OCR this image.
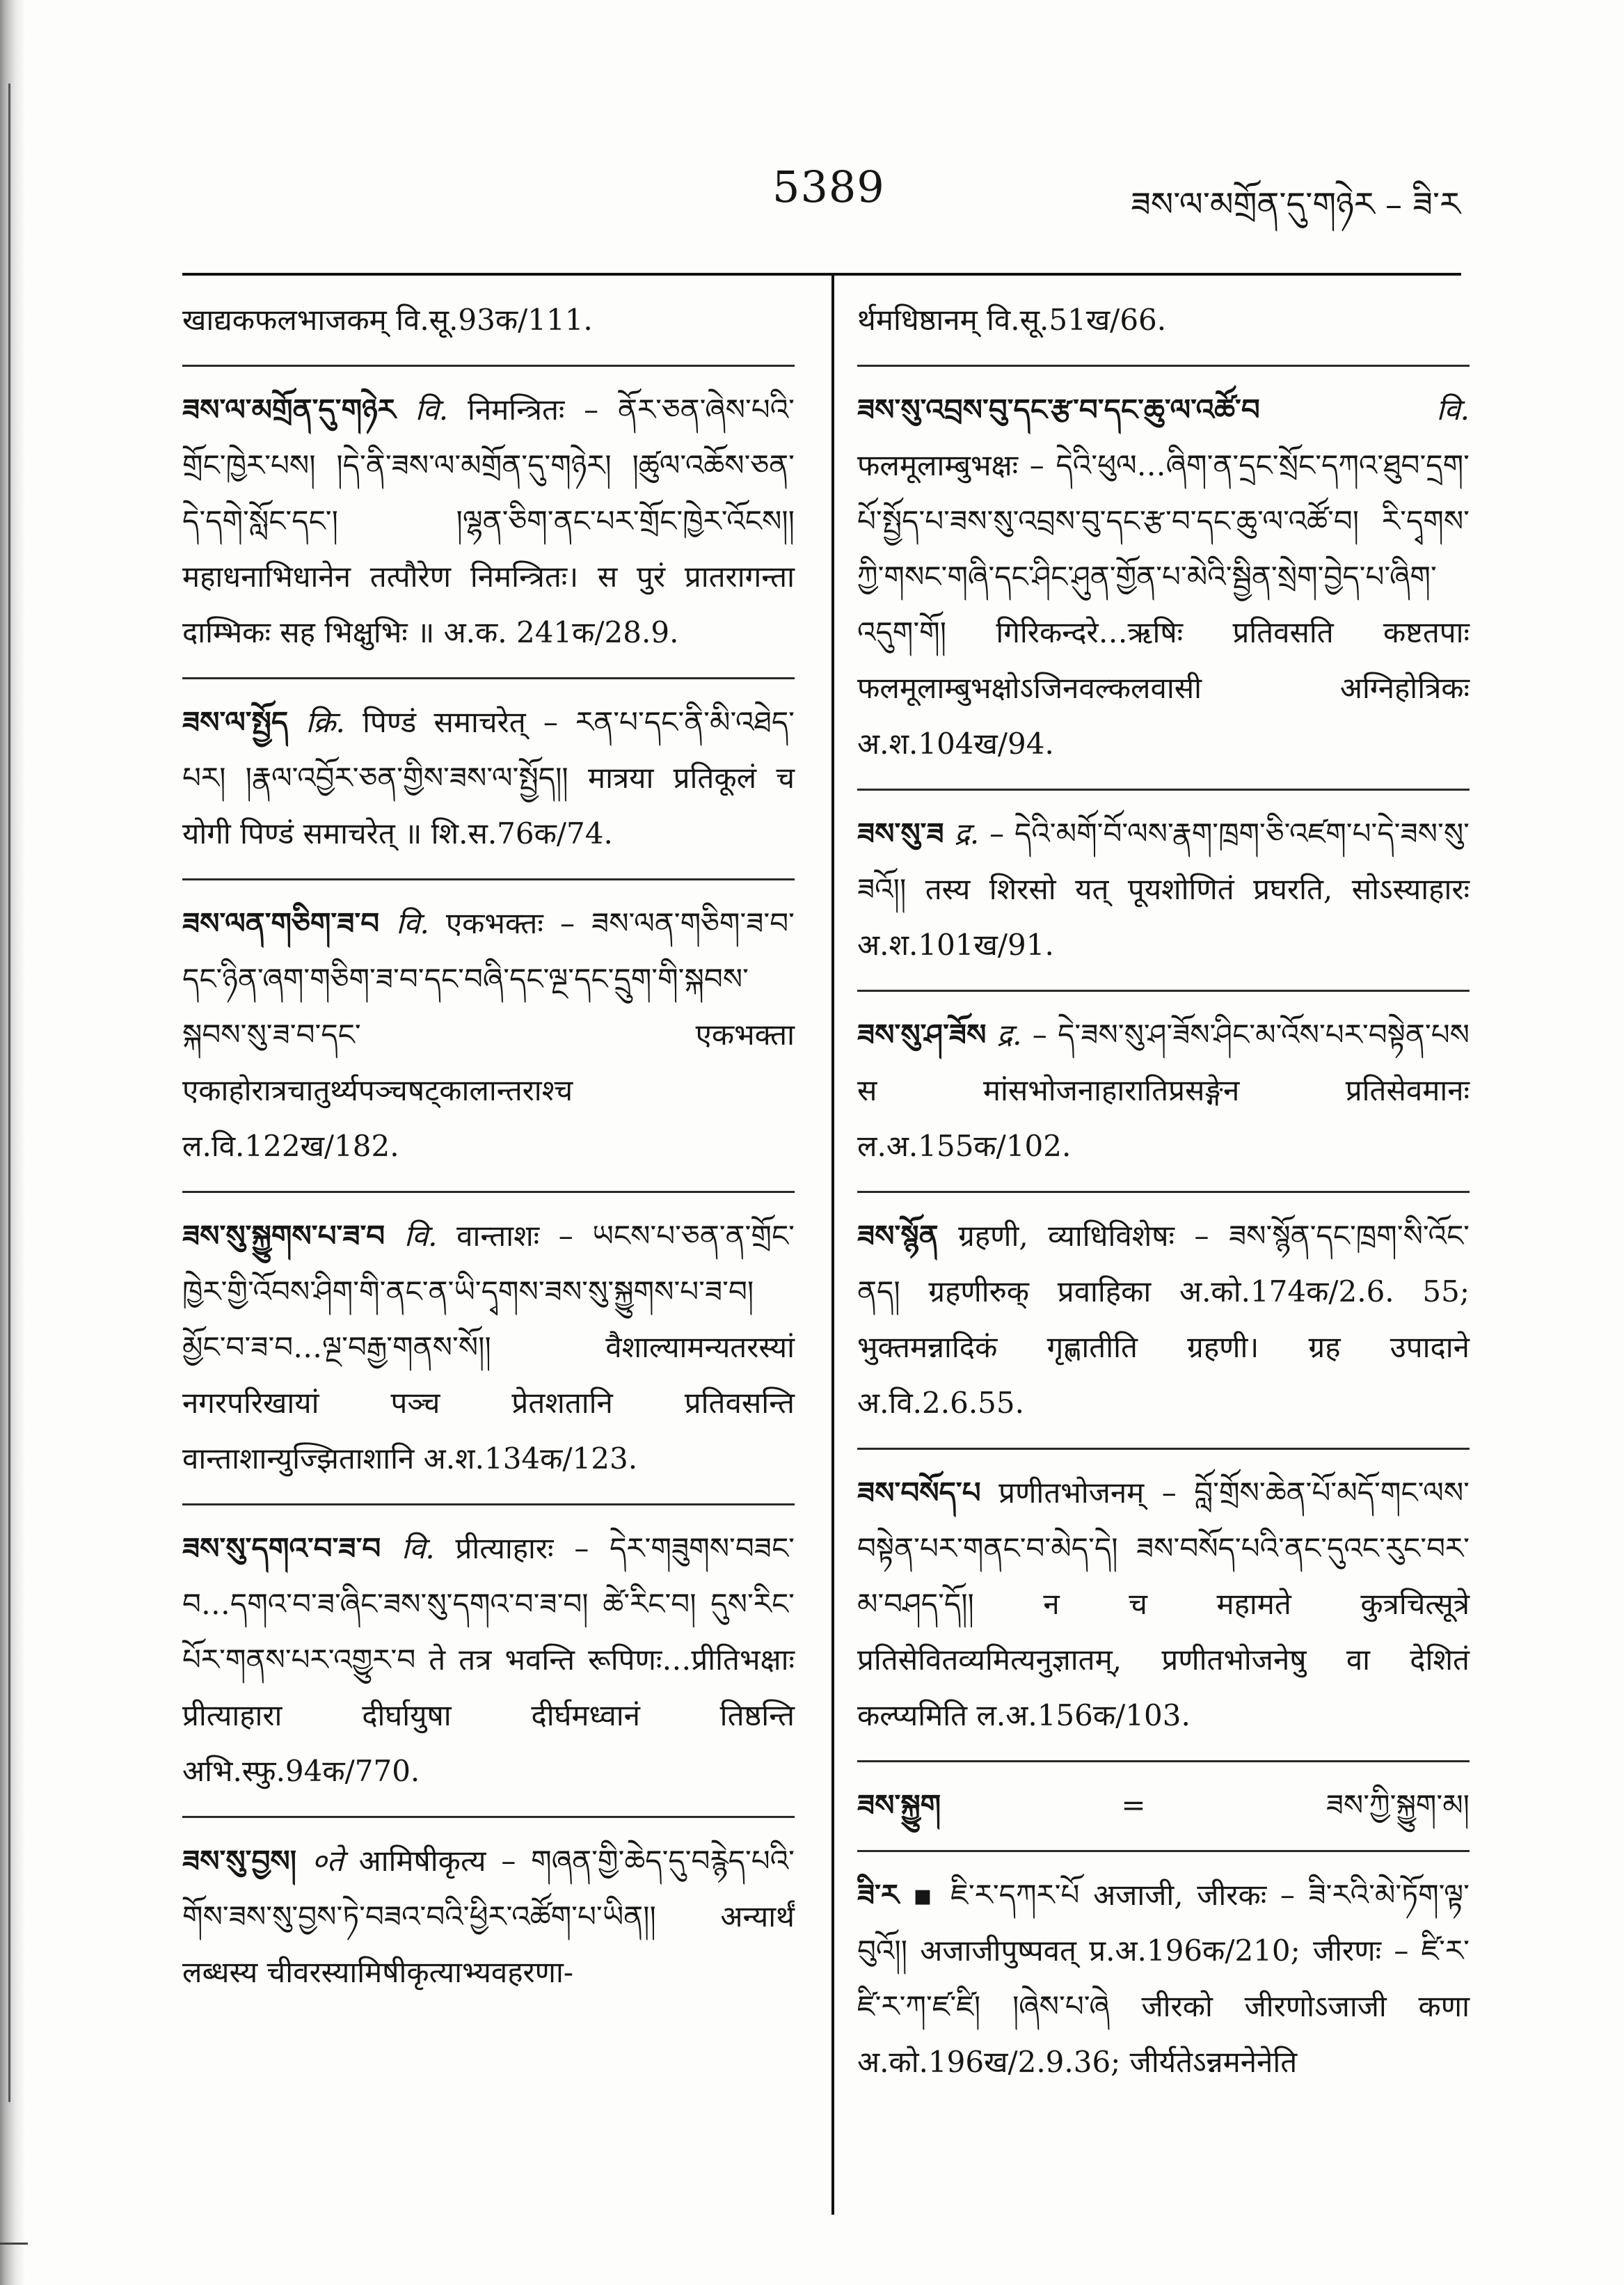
5389	ཟས་ལ་མགྲོན་དུ་གཉེར – ཟི་ར
खाद्यकफलभाजकम् वि.सू.93क/111.
ཟས་ལ་མགྲོན་དུ་གཉེར वि. निमन्त्रितः – ནོར་ཅན་ཞེས་པའི་གྲོང་ཁྱེར་པས། །དེ་ནི་ཟས་ལ་མགྲོན་དུ་གཉེར། །ཚུལ་འཆོས་ཅན་དེ་དགེ་སློང་དང་། །ལྷན་ཅིག་ནང་པར་གྲོང་ཁྱེར་འོངས།། महाधनाभिधानेन तत्पौरेण निमन्त्रितः। स पुरं प्रातरागन्ता दाम्भिकः सह भिक्षुभिः ॥ अ.क. 241क/28.9.
ཟས་ལ་སྤྱོད क्रि. पिण्डं समाचरेत् – རན་པ་དང་ནི་མི་འཐེད་པར། །རྣལ་འབྱོར་ཅན་གྱིས་ཟས་ལ་སྤྱོད།། मात्रया प्रतिकूलं च योगी पिण्डं समाचरेत् ॥ शि.स.76क/74.
ཟས་ལན་གཅིག་ཟ་བ वि. एकभक्तः – ཟས་ལན་གཅིག་ཟ་བ་དང་ཉིན་ཞག་གཅིག་ཟ་བ་དང་བཞི་དང་ལྔ་དང་དྲུག་གི་སྐབས་སྐབས་སུ་ཟ་བ་དང་ एकभक्ता एकाहोरात्रचातुर्थ्यपञ्चषट्कालान्तराश्च ल.वि.122ख/182.
ཟས་སུ་སྐྱུགས་པ་ཟ་བ वि. वान्ताशः – ཡངས་པ་ཅན་ན་གྲོང་ཁྱེར་གྱི་འོབས་ཤིག་གི་ནང་ན་ཡི་དྭགས་ཟས་སུ་སྐྱུགས་པ་ཟ་བ། མྱོང་བ་ཟ་བ…ལྔ་བརྒྱ་གནས་སོ།། वैशाल्यामन्यतरस्यां नगरपरिखायां पञ्च प्रेतशतानि प्रतिवसन्ति वान्ताशान्युज्झिताशानि अ.श.134क/123.
ཟས་སུ་དགའ་བ་ཟ་བ वि. प्रीत्याहारः – དེར་གཟུགས་བཟང་བ…དགའ་བ་ཟ་ཞིང་ཟས་སུ་དགའ་བ་ཟ་བ། ཚེ་རིང་བ། དུས་རིང་པོར་གནས་པར་འགྱུར་བ ते तत्र भवन्ति रूपिणः…प्रीतिभक्षाः प्रीत्याहारा दीर्घायुषा दीर्घमध्वानं तिष्ठन्ति अभि.स्फु.94क/770.
ཟས་སུ་བྱས། ०ते आमिषीकृत्य – གཞན་གྱི་ཆེད་དུ་བརྙེད་པའི་གོས་ཟས་སུ་བྱས་ཏེ་བཟའ་བའི་ཕྱིར་འཚོག་པ་ཡིན།། अन्यार्थं लब्धस्य चीवरस्यामिषीकृत्याभ्यवहरणा-
र्थमधिष्ठानम् वि.सू.51ख/66.
ཟས་སུ་འབྲས་བུ་དང་རྩ་བ་དང་ཆུ་ལ་འཚོ་བ	वि. फलमूलाम्बुभक्षः – དེའི་ཕུལ…ཞིག་ན་དྲང་སྲོང་དཀའ་ཐུབ་དྲག་པོ་སྤྱོད་པ་ཟས་སུ་འབྲས་བུ་དང་རྩ་བ་དང་ཆུ་ལ་འཚོ་བ། རི་དྭགས་ཀྱི་གསང་གཞི་དང་ཤིང་ཤུན་གྱོན་པ་མེའི་སྦྱིན་སྲེག་བྱེད་པ་ཞིག་འདུག་གོ། गिरिकन्दरे…ऋषिः प्रतिवसति कष्टतपाः फलमूलाम्बुभक्षोऽजिनवल्कलवासी अग्निहोत्रिकः अ.श.104ख/94.
ཟས་སུ་ཟ द्र. – དེའི་མགོ་བོ་ལས་རྣག་ཁྲག་ཅི་འཛག་པ་དེ་ཟས་སུ་ཟའོ།། तस्य शिरसो यत् पूयशोणितं प्रघरति, सोऽस्याहारः अ.श.101ख/91.
ཟས་སུ་ཤ་ཟོས द्र. – དེ་ཟས་སུ་ཤ་ཟོས་ཤིང་མ་འོས་པར་བསྟེན་པས स मांसभोजनाहारातिप्रसङ्गेन प्रतिसेवमानः ल.अ.155क/102.
ཟས་སྙོན ग्रहणी, व्याधिविशेषः – ཟས་སྙོན་དང་ཁྲག་སི་འོང་ནད། ग्रहणीरुक् प्रवाहिका अ.को.174क/2.6. 55; भुक्तमन्नादिकं गृह्णातीति ग्रहणी। ग्रह उपादाने अ.वि.2.6.55.
ཟས་བསོད་པ प्रणीतभोजनम् – བློ་གྲོས་ཆེན་པོ་མདོ་གང་ལས་བསྟེན་པར་གནང་བ་མེད་དེ། ཟས་བསོད་པའི་ནང་དུའང་རུང་བར་མ་བཤད་དོ།། न च महामते कुत्रचित्सूत्रे प्रतिसेवितव्यमित्यनुज्ञातम्, प्रणीतभोजनेषु वा देशितं कल्प्यमिति ल.अ.156क/103.
ཟས་སྐྱུག	=	ཟས་ཀྱི་སྐྱུག་མ།
ཟི་ར ▪ ཇི་ར་དཀར་པོ अजाजी, जीरकः – ཟི་རའི་མེ་ཏོག་ལྟ་བུའོ།། अजाजीपुष्पवत् प्र.अ.196क/210; जीरणः – ཛི་ར་ཛི་ར་ཀ་ཛ་ཛི། །ཞེས་པ་ཞེ जीरको जीरणोऽजाजी कणा अ.को.196ख/2.9.36; जीर्यतेऽन्नमनेनेति
